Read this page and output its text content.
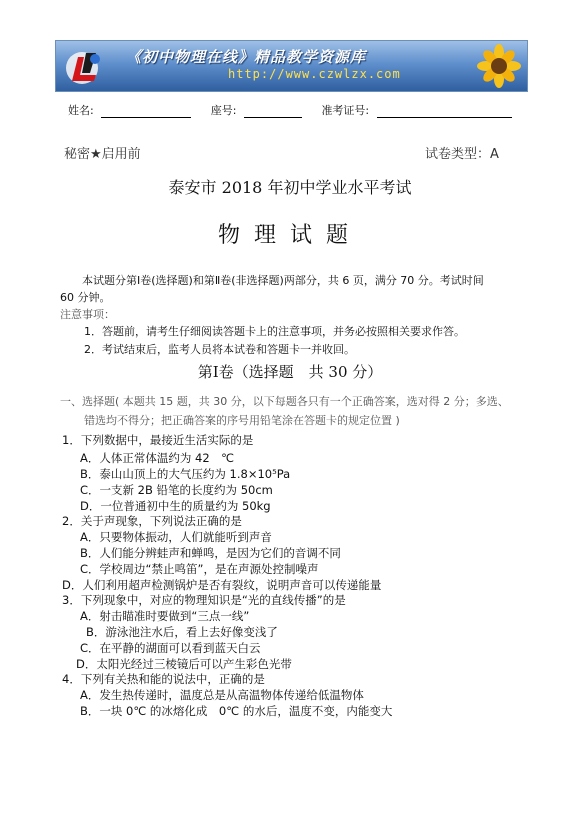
《初中物理在线》精品教学资源库
http://www.czwlzx.com
姓名:	座号:	准考证号:
秘密★启用前	试卷类型：A
泰安市 2018 年初中学业水平考试
物理试题
本试题分第Ⅰ卷(选择题)和第Ⅱ卷(非选择题)两部分，共 6 页，满分 70 分。考试时间
60 分钟。
注意事项：
1．答题前，请考生仔细阅读答题卡上的注意事项，并务必按照相关要求作答。
2．考试结束后，监考人员将本试卷和答题卡一并收回。
第Ⅰ卷（选择题　共 30 分）
一、选择题( 本题共 15 题，共 30 分，以下每题各只有一个正确答案，选对得 2 分；多选、
错选均不得分；把正确答案的序号用铅笔涂在答题卡的规定位置 )
1．下列数据中，最接近生活实际的是
A．人体正常体温约为 42　℃
B．泰山山顶上的大气压约为 1.8×10⁵Pa
C．一支新 2B 铅笔的长度约为 50cm
D．一位普通初中生的质量约为 50kg
2．关于声现象，下列说法正确的是
A．只要物体振动，人们就能听到声音
B．人们能分辨蛙声和蝉鸣，是因为它们的音调不同
C．学校周边“禁止鸣笛”，是在声源处控制噪声
D．人们利用超声检测锅炉是否有裂纹，说明声音可以传递能量
3．下列现象中，对应的物理知识是“光的直线传播”的是
A．射击瞄准时要做到“三点一线”
B．游泳池注水后，看上去好像变浅了
C．在平静的湖面可以看到蓝天白云
D．太阳光经过三棱镜后可以产生彩色光带
4．下列有关热和能的说法中，正确的是
A．发生热传递时，温度总是从高温物体传递给低温物体
B．一块 0℃ 的冰熔化成　0℃ 的水后，温度不变，内能变大
